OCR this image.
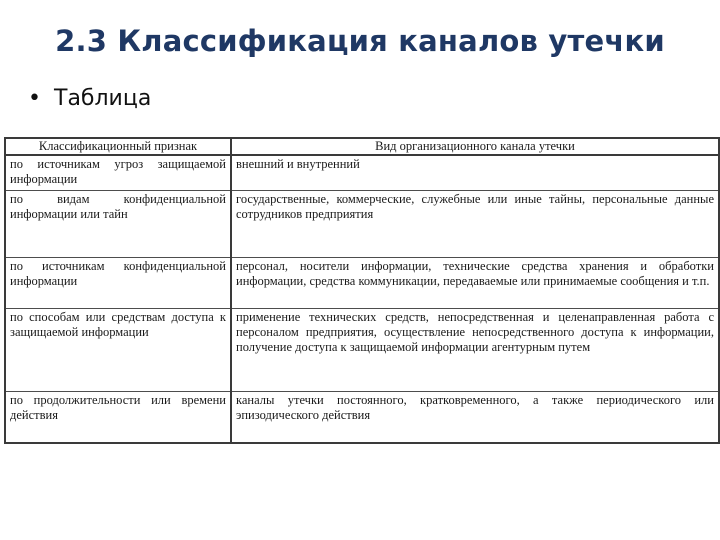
2.3 Классификация каналов утечки
• Таблица
Классификационный признак	Вид организационного канала утечки
по источникам угроз защищаемой информации	внешний и внутренний
по видам конфиденциальной информации или тайн	государственные, коммерческие, служебные или иные тайны, персональные данные сотрудников предприятия
по источникам конфиденциальной информации	персонал, носители информации, технические средства хранения и обработки информации, средства коммуникации, передаваемые или принимаемые сообщения и т.п.
по способам или средствам доступа к защищаемой информации	применение технических средств, непосредственная и целенаправленная работа с персоналом предприятия, осуществление непосредственного доступа к информации, получение доступа к защищаемой информации агентурным путем
по продолжительности или времени действия	каналы утечки постоянного, кратковременного, а также периодического или эпизодического действия
